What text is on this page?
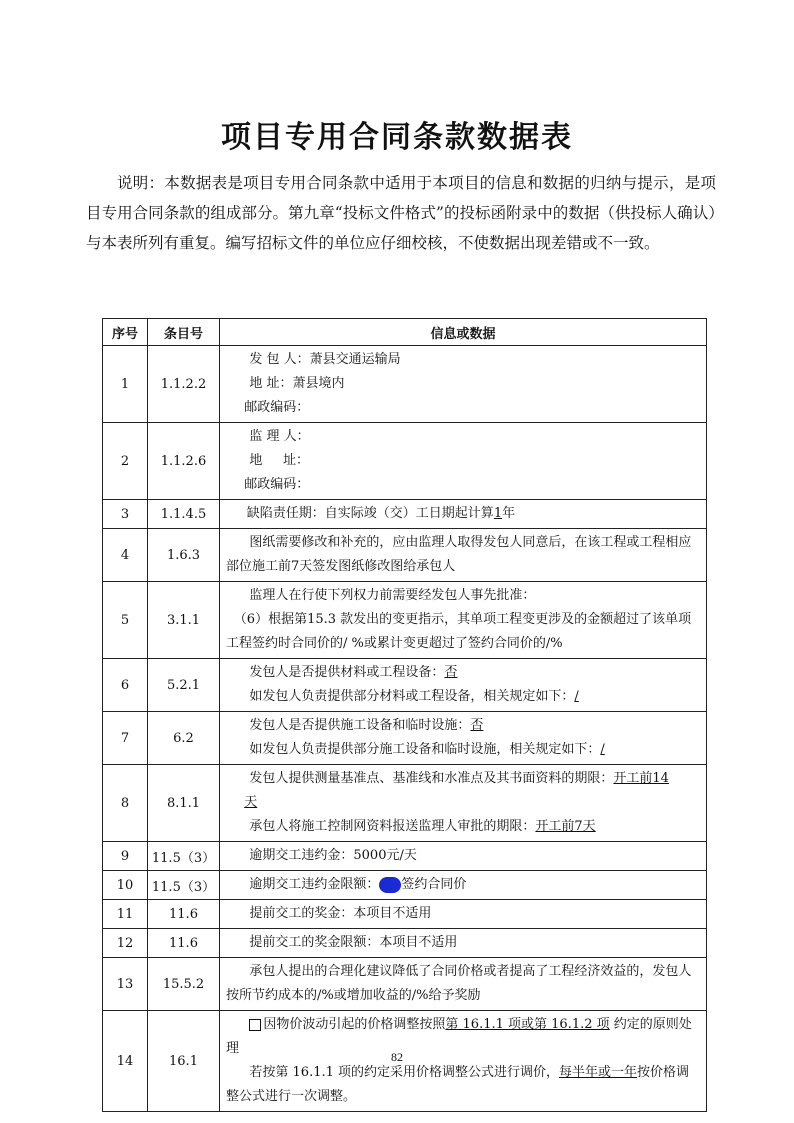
项目专用合同条款数据表
说明：本数据表是项目专用合同条款中适用于本项目的信息和数据的归纳与提示，是项目专用合同条款的组成部分。第九章“投标文件格式”的投标函附录中的数据（供投标人确认）与本表所列有重复。编写招标文件的单位应仔细校核，不使数据出现差错或不一致。
序号	条目号	信息或数据
1	1.1.2.2	发 包 人：萧县交通运输局
地 址：萧县境内
邮政编码：

2	1.1.2.6	监 理 人：
地     址：
邮政编码：

3	1.1.4.5	缺陷责任期：自实际竣（交）工日期起计算1年

4	1.6.3	图纸需要修改和补充的，应由监理人取得发包人同意后，在该工程或工程相应部位施工前7天签发图纸修改图给承包人

5	3.1.1	监理人在行使下列权力前需要经发包人事先批准：
（6）根据第15.3 款发出的变更指示，其单项工程变更涉及的金额超过了该单项工程签约时合同价的/ %或累计变更超过了签约合同价的/%

6	5.2.1	发包人是否提供材料或工程设备：否
如发包人负责提供部分材料或工程设备，相关规定如下：/

7	6.2	发包人是否提供施工设备和临时设施：否
如发包人负责提供部分施工设备和临时设施，相关规定如下：/

8	8.1.1	发包人提供测量基准点、基准线和水准点及其书面资料的期限：开工前14
天
承包人将施工控制网资料报送监理人审批的期限：开工前7天

9	11.5（3）	逾期交工违约金：5000元/天

10	11.5（3）	逾期交工违约金限额： 签约合同价

11	11.6	提前交工的奖金：本项目不适用

12	11.6	提前交工的奖金限额：本项目不适用

13	15.5.2	承包人提出的合理化建议降低了合同价格或者提高了工程经济效益的，发包人按所节约成本的/%或增加收益的/%给予奖励

14	16.1	因物价波动引起的价格调整按照第 16.1.1 项或第 16.1.2 项 约定的原则处理
若按第 16.1.1 项的约定采用价格调整公式进行调价，每半年或一年按价格调整公式进行一次调整。
82
